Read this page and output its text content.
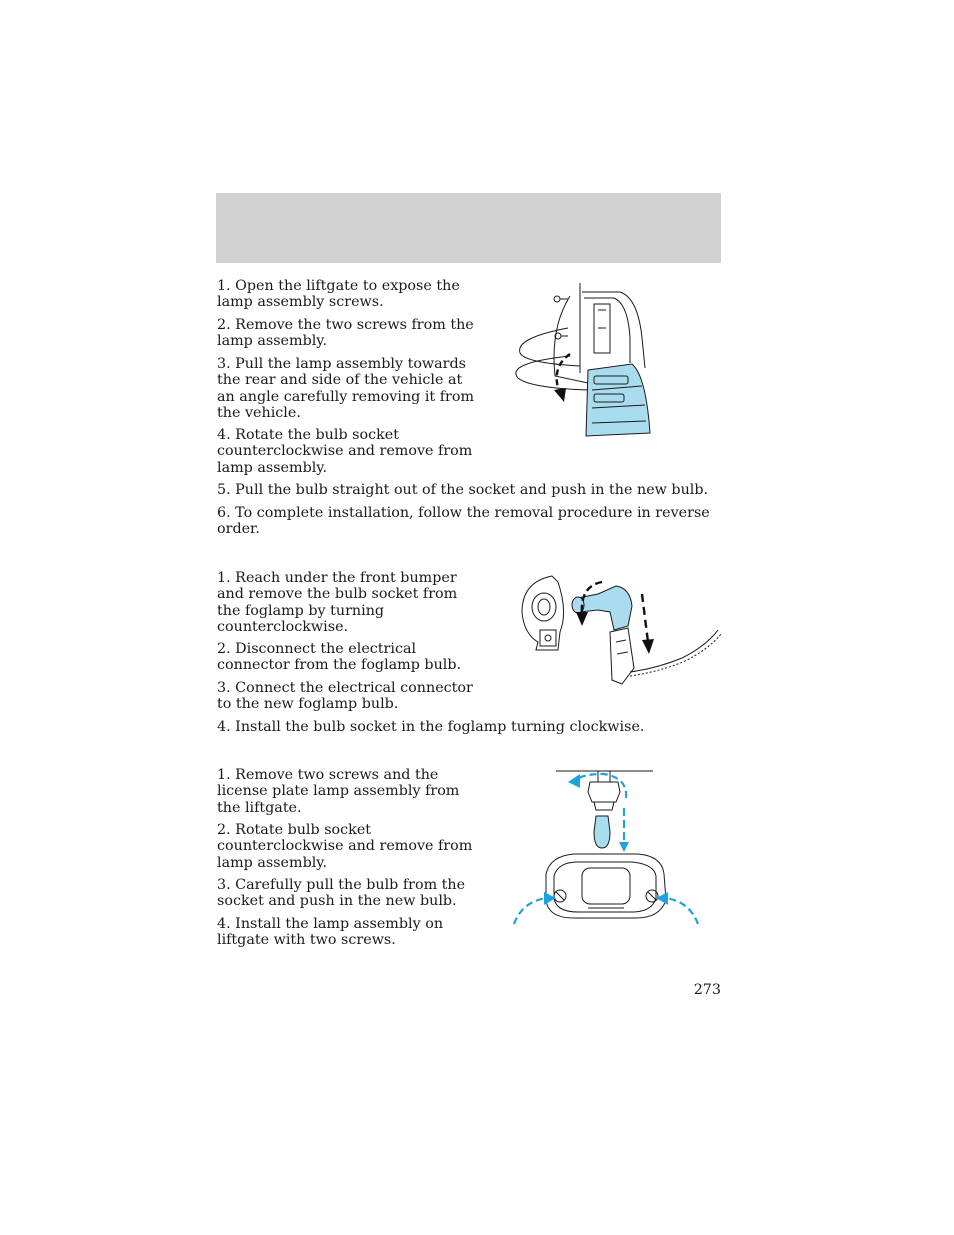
1. Open the liftgate to expose the
lamp assembly screws.

2. Remove the two screws from the
lamp assembly.

3. Pull the lamp assembly towards
the rear and side of the vehicle at
an angle carefully removing it from
the vehicle.

4. Rotate the bulb socket
counterclockwise and remove from
lamp assembly.

5. Pull the bulb straight out of the socket and push in the new bulb.

6. To complete installation, follow the removal procedure in reverse
order.

1. Reach under the front bumper
and remove the bulb socket from
the foglamp by turning
counterclockwise.

2. Disconnect the electrical
connector from the foglamp bulb.

3. Connect the electrical connector
to the new foglamp bulb.

4. Install the bulb socket in the foglamp turning clockwise.

1. Remove two screws and the
license plate lamp assembly from
the liftgate.

2. Rotate bulb socket
counterclockwise and remove from
lamp assembly.

3. Carefully pull the bulb from the
socket and push in the new bulb.

4. Install the lamp assembly on
liftgate with two screws.

273
